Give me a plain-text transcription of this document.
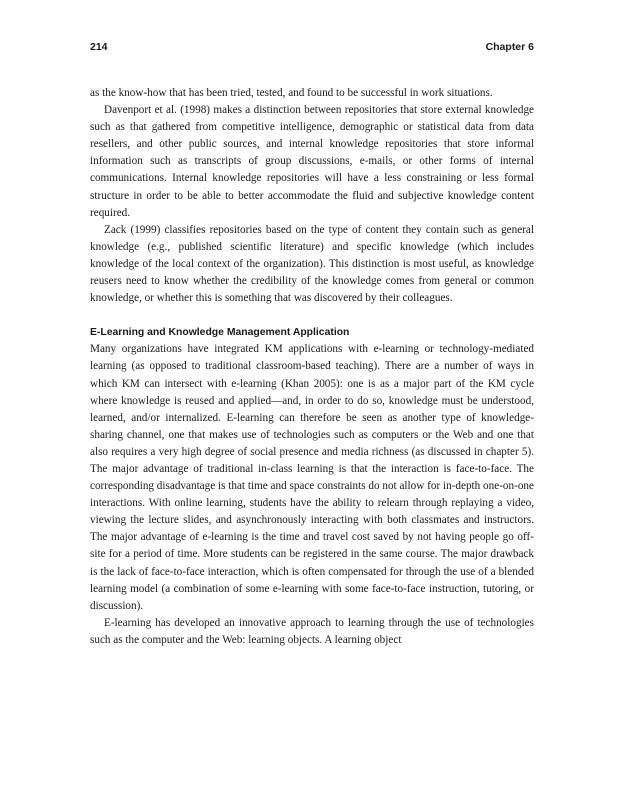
214	Chapter 6

as the know-how that has been tried, tested, and found to be successful in work situations.

Davenport et al. (1998) makes a distinction between repositories that store external knowledge such as that gathered from competitive intelligence, demographic or statistical data from data resellers, and other public sources, and internal knowledge repositories that store informal information such as transcripts of group discussions, e-mails, or other forms of internal communications. Internal knowledge repositories will have a less constraining or less formal structure in order to be able to better accommodate the fluid and subjective knowledge content required.

Zack (1999) classifies repositories based on the type of content they contain such as general knowledge (e.g., published scientific literature) and specific knowledge (which includes knowledge of the local context of the organization). This distinction is most useful, as knowledge reusers need to know whether the credibility of the knowledge comes from general or common knowledge, or whether this is something that was discovered by their colleagues.

E-Learning and Knowledge Management Application

Many organizations have integrated KM applications with e-learning or technology-mediated learning (as opposed to traditional classroom-based teaching). There are a number of ways in which KM can intersect with e-learning (Khan 2005): one is as a major part of the KM cycle where knowledge is reused and applied—and, in order to do so, knowledge must be understood, learned, and/or internalized. E-learning can therefore be seen as another type of knowledge-sharing channel, one that makes use of technologies such as computers or the Web and one that also requires a very high degree of social presence and media richness (as discussed in chapter 5). The major advantage of traditional in-class learning is that the interaction is face-to-face. The corresponding disadvantage is that time and space constraints do not allow for in-depth one-on-one interactions. With online learning, students have the ability to relearn through replaying a video, viewing the lecture slides, and asynchronously interacting with both classmates and instructors. The major advantage of e-learning is the time and travel cost saved by not having people go off-site for a period of time. More students can be registered in the same course. The major drawback is the lack of face-to-face interaction, which is often compensated for through the use of a blended learning model (a combination of some e-learning with some face-to-face instruction, tutoring, or discussion).

E-learning has developed an innovative approach to learning through the use of technologies such as the computer and the Web: learning objects. A learning object
